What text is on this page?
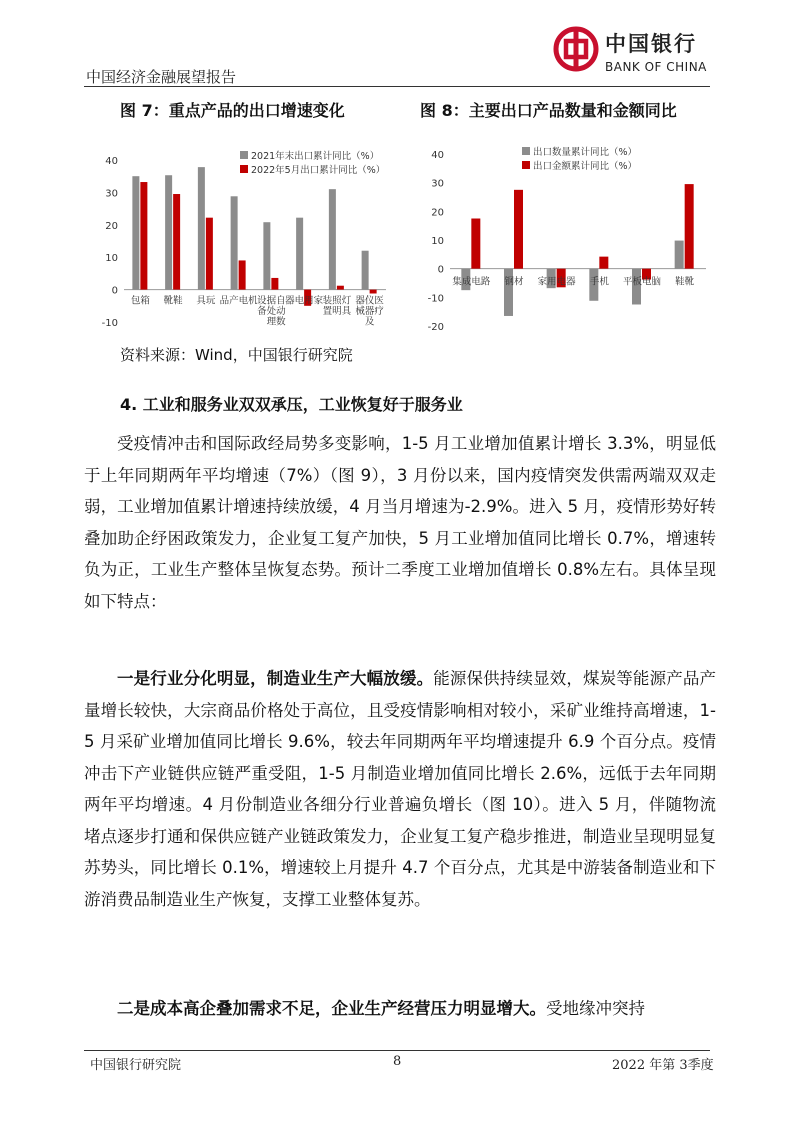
中国经济金融展望报告
中国银行
BANK OF CHINA
图 7：重点产品的出口增速变化	图 8：主要出口产品数量和金额同比
-10
0
10
20
30
40
箱
包	鞋
靴	玩
具	机
电
产
品	自
动
数
据
处
理
设
备
家
用
电
器	灯
具
照
明
装
置
医
疗
仪
器
及
器
械
2021年末出口累计同比（%）
2022年5月出口累计同比（%）
-20
-10
0
10
20
30
40
集成电路 钢材 家用电器 手机 平板电脑 鞋靴
出口数量累计同比（%）
出口金额累计同比（%）
资料来源：Wind，中国银行研究院
4. 工业和服务业双双承压，工业恢复好于服务业

受疫情冲击和国际政经局势多变影响，1-5 月工业增加值累计增长 3.3%，明显低于上年同期两年平均增速（7%）（图 9），3 月份以来，国内疫情突发供需两端双双走弱，工业增加值累计增速持续放缓，4 月当月增速为-2.9%。进入 5 月，疫情形势好转叠加助企纾困政策发力，企业复工复产加快，5 月工业增加值同比增长 0.7%，增速转负为正，工业生产整体呈恢复态势。预计二季度工业增加值增长 0.8%左右。具体呈现如下特点：

一是行业分化明显，制造业生产大幅放缓。能源保供持续显效，煤炭等能源产品产量增长较快，大宗商品价格处于高位，且受疫情影响相对较小，采矿业维持高增速，1-5 月采矿业增加值同比增长 9.6%，较去年同期两年平均增速提升 6.9 个百分点。疫情冲击下产业链供应链严重受阻，1-5 月制造业增加值同比增长 2.6%，远低于去年同期两年平均增速。4 月份制造业各细分行业普遍负增长（图 10）。进入 5 月，伴随物流堵点逐步打通和保供应链产业链政策发力，企业复工复产稳步推进，制造业呈现明显复苏势头，同比增长 0.1%，增速较上月提升 4.7 个百分点，尤其是中游装备制造业和下游消费品制造业生产恢复，支撑工业整体复苏。

二是成本高企叠加需求不足，企业生产经营压力明显增大。受地缘冲突持

中国银行研究院	8	2022 年第 3季度
